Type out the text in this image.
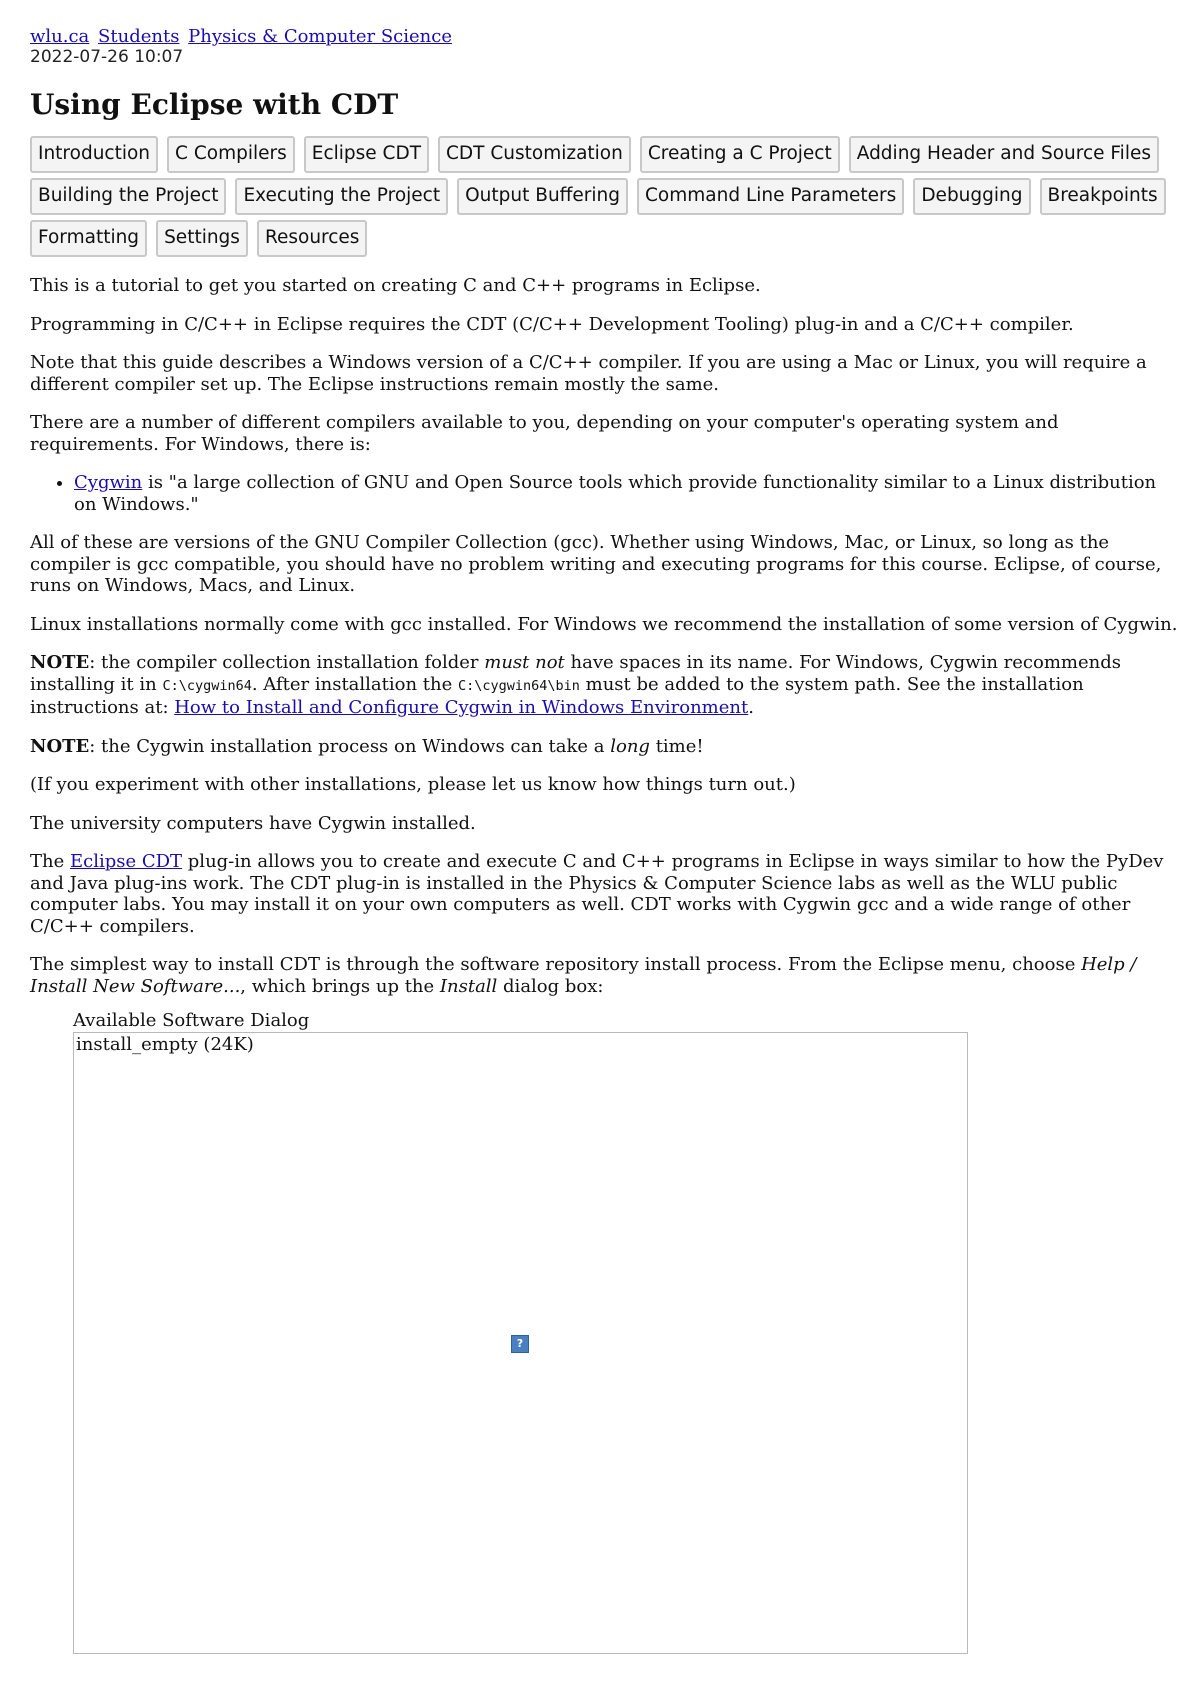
wlu.ca Students Physics & Computer Science
2022-07-26 10:07
Using Eclipse with CDT
Introduction	C Compilers	Eclipse CDT	CDT Customization	Creating a C Project	Adding Header and Source Files
Building the Project	Executing the Project	Output Buffering	Command Line Parameters	Debugging	Breakpoints
Formatting	Settings	Resources

This is a tutorial to get you started on creating C and C++ programs in Eclipse.

Programming in C/C++ in Eclipse requires the CDT (C/C++ Development Tooling) plug-in and a C/C++ compiler.

Note that this guide describes a Windows version of a C/C++ compiler. If you are using a Mac or Linux, you will require a different compiler set up. The Eclipse instructions remain mostly the same.

There are a number of different compilers available to you, depending on your computer's operating system and requirements. For Windows, there is:

• Cygwin is "a large collection of GNU and Open Source tools which provide functionality similar to a Linux distribution on Windows."

All of these are versions of the GNU Compiler Collection (gcc). Whether using Windows, Mac, or Linux, so long as the compiler is gcc compatible, you should have no problem writing and executing programs for this course. Eclipse, of course, runs on Windows, Macs, and Linux.

Linux installations normally come with gcc installed. For Windows we recommend the installation of some version of Cygwin.

NOTE: the compiler collection installation folder must not have spaces in its name. For Windows, Cygwin recommends installing it in C:\cygwin64. After installation the C:\cygwin64\bin must be added to the system path. See the installation instructions at: How to Install and Configure Cygwin in Windows Environment.

NOTE: the Cygwin installation process on Windows can take a long time!

(If you experiment with other installations, please let us know how things turn out.)

The university computers have Cygwin installed.

The Eclipse CDT plug-in allows you to create and execute C and C++ programs in Eclipse in ways similar to how the PyDev and Java plug-ins work. The CDT plug-in is installed in the Physics & Computer Science labs as well as the WLU public computer labs. You may install it on your own computers as well. CDT works with Cygwin gcc and a wide range of other C/C++ compilers.

The simplest way to install CDT is through the software repository install process. From the Eclipse menu, choose Help / Install New Software..., which brings up the Install dialog box:

Available Software Dialog
install_empty (24K)
?
